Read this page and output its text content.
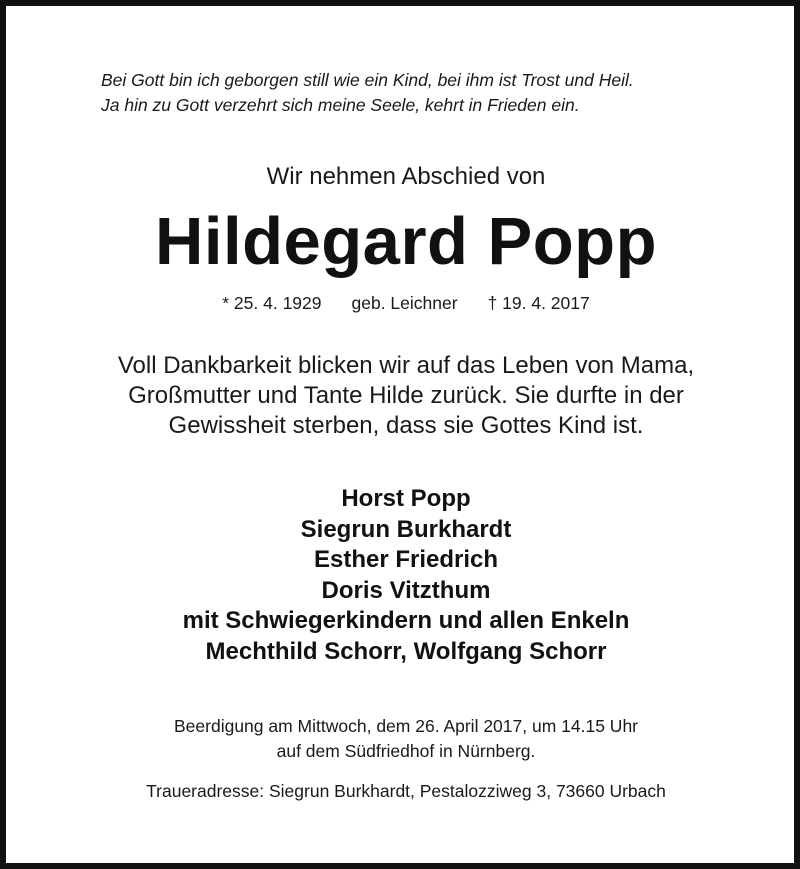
Bei Gott bin ich geborgen still wie ein Kind, bei ihm ist Trost und Heil.
Ja hin zu Gott verzehrt sich meine Seele, kehrt in Frieden ein.
Wir nehmen Abschied von
Hildegard Popp
* 25. 4. 1929 geb. Leichner † 19. 4. 2017
Voll Dankbarkeit blicken wir auf das Leben von Mama,
Großmutter und Tante Hilde zurück. Sie durfte in der
Gewissheit sterben, dass sie Gottes Kind ist.
Horst Popp
Siegrun Burkhardt
Esther Friedrich
Doris Vitzthum
mit Schwiegerkindern und allen Enkeln
Mechthild Schorr, Wolfgang Schorr
Beerdigung am Mittwoch, dem 26. April 2017, um 14.15 Uhr
auf dem Südfriedhof in Nürnberg.
Traueradresse: Siegrun Burkhardt, Pestalozziweg 3, 73660 Urbach
